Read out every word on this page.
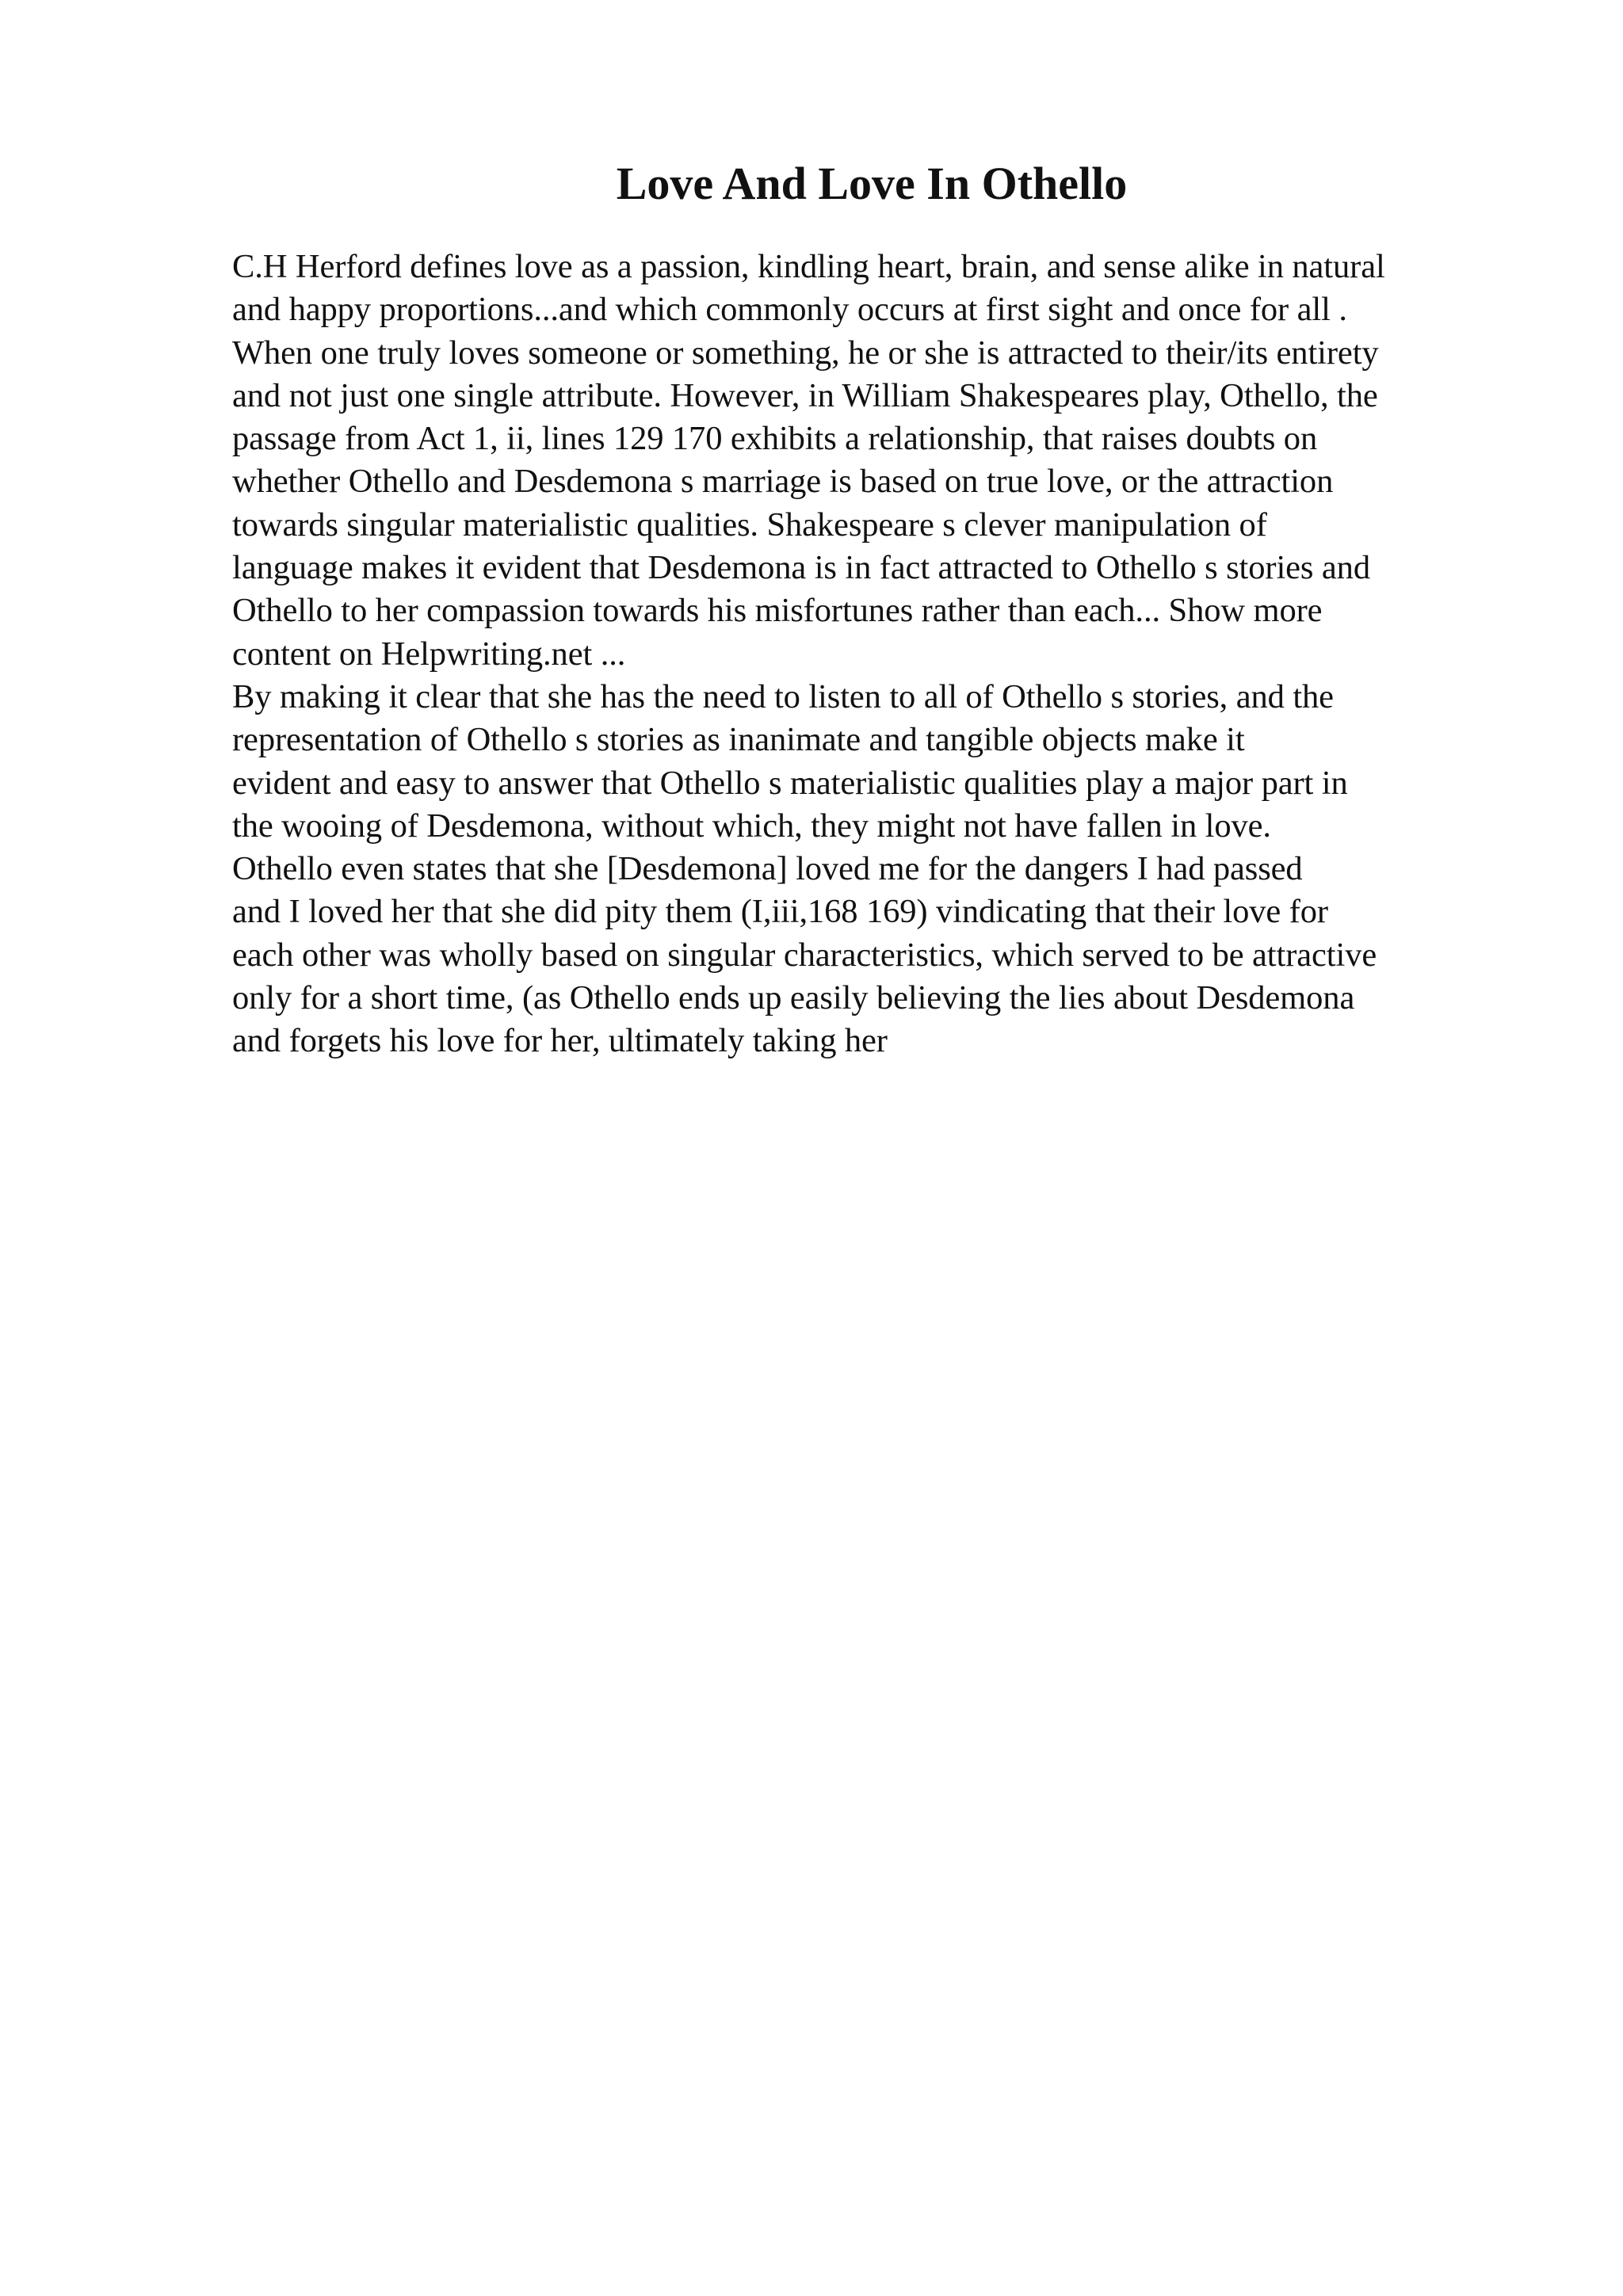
Love And Love In Othello
C.H Herford defines love as a passion, kindling heart, brain, and sense alike in natural
and happy proportions...and which commonly occurs at first sight and once for all .
When one truly loves someone or something, he or she is attracted to their/its entirety
and not just one single attribute. However, in William Shakespeares play, Othello, the
passage from Act 1, ii, lines 129 170 exhibits a relationship, that raises doubts on
whether Othello and Desdemona s marriage is based on true love, or the attraction
towards singular materialistic qualities. Shakespeare s clever manipulation of
language makes it evident that Desdemona is in fact attracted to Othello s stories and
Othello to her compassion towards his misfortunes rather than each... Show more
content on Helpwriting.net ...
By making it clear that she has the need to listen to all of Othello s stories, and the
representation of Othello s stories as inanimate and tangible objects make it
evident and easy to answer that Othello s materialistic qualities play a major part in
the wooing of Desdemona, without which, they might not have fallen in love.
Othello even states that she [Desdemona] loved me for the dangers I had passed
and I loved her that she did pity them (I,iii,168 169) vindicating that their love for
each other was wholly based on singular characteristics, which served to be attractive
only for a short time, (as Othello ends up easily believing the lies about Desdemona
and forgets his love for her, ultimately taking her
